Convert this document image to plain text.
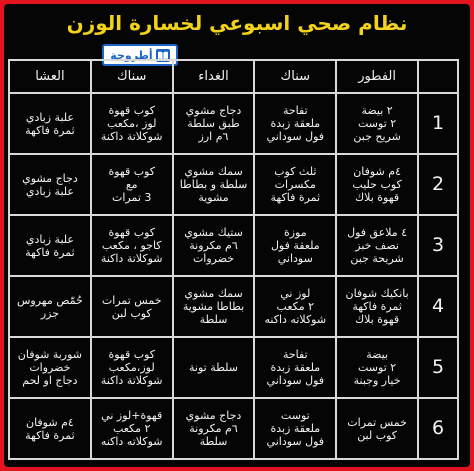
نظام صحي اسبوعي لخسارة الوزن
أطروحة
	الفطور	سناك	الغداء	سناك	العشا
1	٢ بيضة
٢ توست
شريح جبن	تفاحة
ملعقة زبدة
فول سوداني	دجاج مشوي
طبق سلطة
٦م ارز	كوب قهوة
لوز ،مكعب
شوكلاتة داكنة	علبة زبادي
ثمرة فاكهة

2	٤م شوفان
كوب حليب
قهوة بلاك	ثلث كوب
مكسرات
ثمرة فاكهة	سمك مشوي
سلطة و بطاطا
مشوية	كوب قهوة
مع
3 تمرات	دجاج مشوي
علبة زبادي

3	٤ ملاعق فول
نصف خبز
شريحة جبن	موزة
ملعقة فول
سوداني	ستيك مشوي
٦م مكرونة
خضروات	كوب قهوة
كاجو ، مكعب
شوكلاتة داكنة	علبة زبادي
ثمرة فاكهة

4	بانكيك شوفان
ثمرة فاكهة
قهوة بلاك	لوز ني
٢ مكعب
شوكلاته داكنه	سمك مشوي
بطاطا مشوية
سلطة	خمس تمرات
كوب لبن	حُمّص مهروس
جزر

5	بيضة
٢ توست
خيار وجبنة	تفاحة
ملعقة زبدة
فول سوداني	سلطة تونة	كوب قهوة
لوز،مكعب
شوكلاتة داكنة	شوربة شوفان
خضروات
دجاج او لحم

6	خمس تمرات
كوب لبن	توست
ملعقة زبدة
فول سوداني	دجاج مشوي
٦م مكرونة
سلطة	قهوة+لوز ني
٢ مكعب
شوكلاته داكنه	٤م شوفان
ثمرة فاكهة
